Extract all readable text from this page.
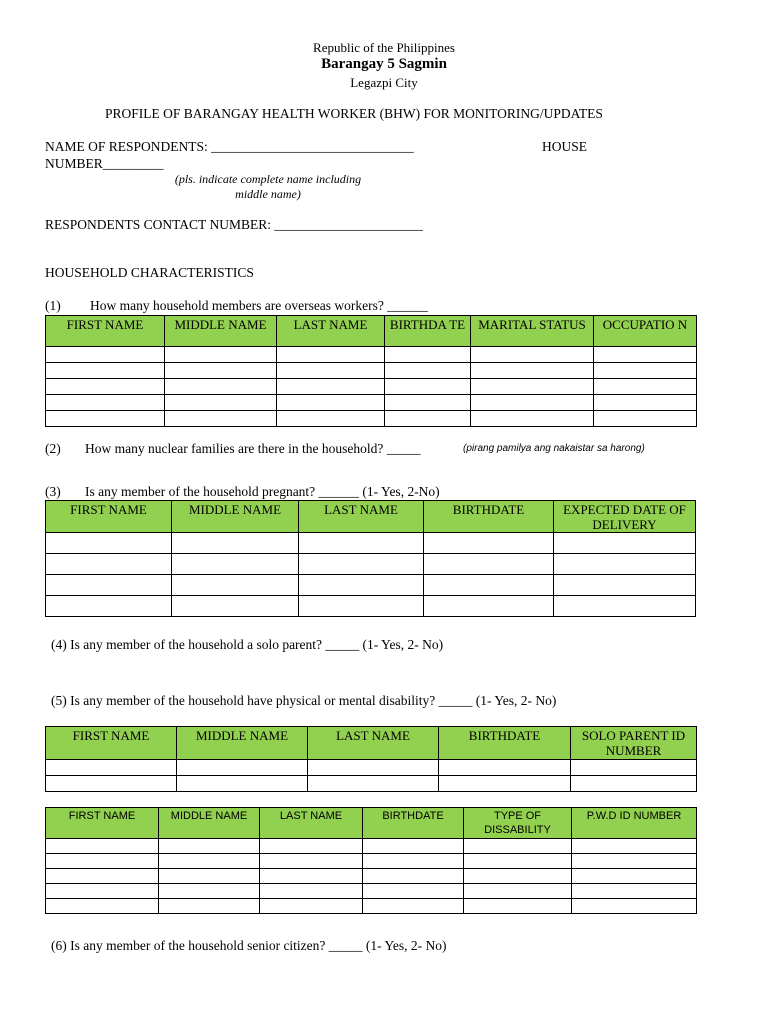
Republic of the Philippines
Barangay 5 Sagmin
Legazpi City
PROFILE OF BARANGAY HEALTH WORKER (BHW) FOR MONITORING/UPDATES
NAME OF RESPONDENTS: ______________________________	HOUSE
NUMBER_________
(pls. indicate complete name including
middle name)
RESPONDENTS CONTACT NUMBER: ______________________
HOUSEHOLD CHARACTERISTICS
(1) How many household members are overseas workers? ______
FIRST NAME	MIDDLE NAME	LAST NAME	BIRTHDA TE	MARITAL STATUS	OCCUPATIO N

(2) How many nuclear families are there in the household? _____	(pirang pamilya ang nakaistar sa harong)
(3) Is any member of the household pregnant? ______ (1- Yes, 2-No)
FIRST NAME	MIDDLE NAME	LAST NAME	BIRTHDATE	EXPECTED DATE OF DELIVERY

(4) Is any member of the household a solo parent? _____ (1- Yes, 2- No)
(5) Is any member of the household have physical or mental disability? _____ (1- Yes, 2- No)
FIRST NAME	MIDDLE NAME	LAST NAME	BIRTHDATE	SOLO PARENT ID NUMBER

FIRST NAME	MIDDLE NAME	LAST NAME	BIRTHDATE	TYPE OF DISSABILITY	P.W.D ID NUMBER

(6) Is any member of the household senior citizen? _____ (1- Yes, 2- No)
